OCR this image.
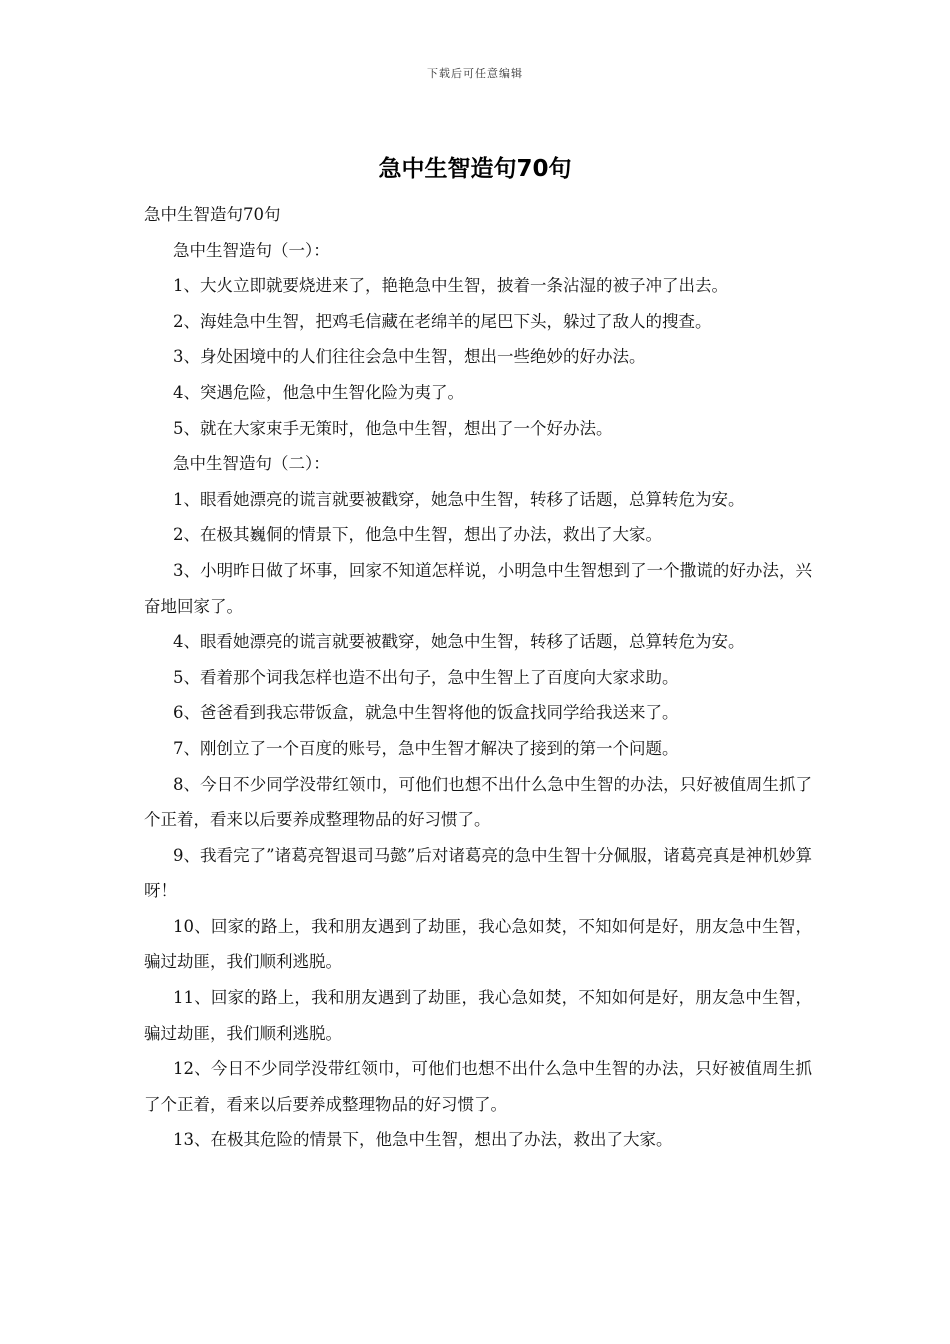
下载后可任意编辑
急中生智造句70句

急中生智造句70句

急中生智造句（一）：

1、大火立即就要烧进来了，艳艳急中生智，披着一条沾湿的被子冲了出去。

2、海娃急中生智，把鸡毛信藏在老绵羊的尾巴下头，躲过了敌人的搜查。

3、身处困境中的人们往往会急中生智，想出一些绝妙的好办法。

4、突遇危险，他急中生智化险为夷了。

5、就在大家束手无策时，他急中生智，想出了一个好办法。

急中生智造句（二）：

1、眼看她漂亮的谎言就要被戳穿，她急中生智，转移了话题，总算转危为安。

2、在极其巍侗的情景下，他急中生智，想出了办法，救出了大家。

3、小明昨日做了坏事，回家不知道怎样说，小明急中生智想到了一个撒谎的好办法，兴奋地回家了。

4、眼看她漂亮的谎言就要被戳穿，她急中生智，转移了话题，总算转危为安。

5、看着那个词我怎样也造不出句子，急中生智上了百度向大家求助。

6、爸爸看到我忘带饭盒，就急中生智将他的饭盒找同学给我送来了。

7、刚创立了一个百度的账号，急中生智才解决了接到的第一个问题。

8、今日不少同学没带红领巾，可他们也想不出什么急中生智的办法，只好被值周生抓了个正着，看来以后要养成整理物品的好习惯了。

9、我看完了”诸葛亮智退司马懿”后对诸葛亮的急中生智十分佩服，诸葛亮真是神机妙算呀！

10、回家的路上，我和朋友遇到了劫匪，我心急如焚，不知如何是好，朋友急中生智，骗过劫匪，我们顺利逃脱。

11、回家的路上，我和朋友遇到了劫匪，我心急如焚，不知如何是好，朋友急中生智，骗过劫匪，我们顺利逃脱。

12、今日不少同学没带红领巾，可他们也想不出什么急中生智的办法，只好被值周生抓了个正着，看来以后要养成整理物品的好习惯了。

13、在极其危险的情景下，他急中生智，想出了办法，救出了大家。
